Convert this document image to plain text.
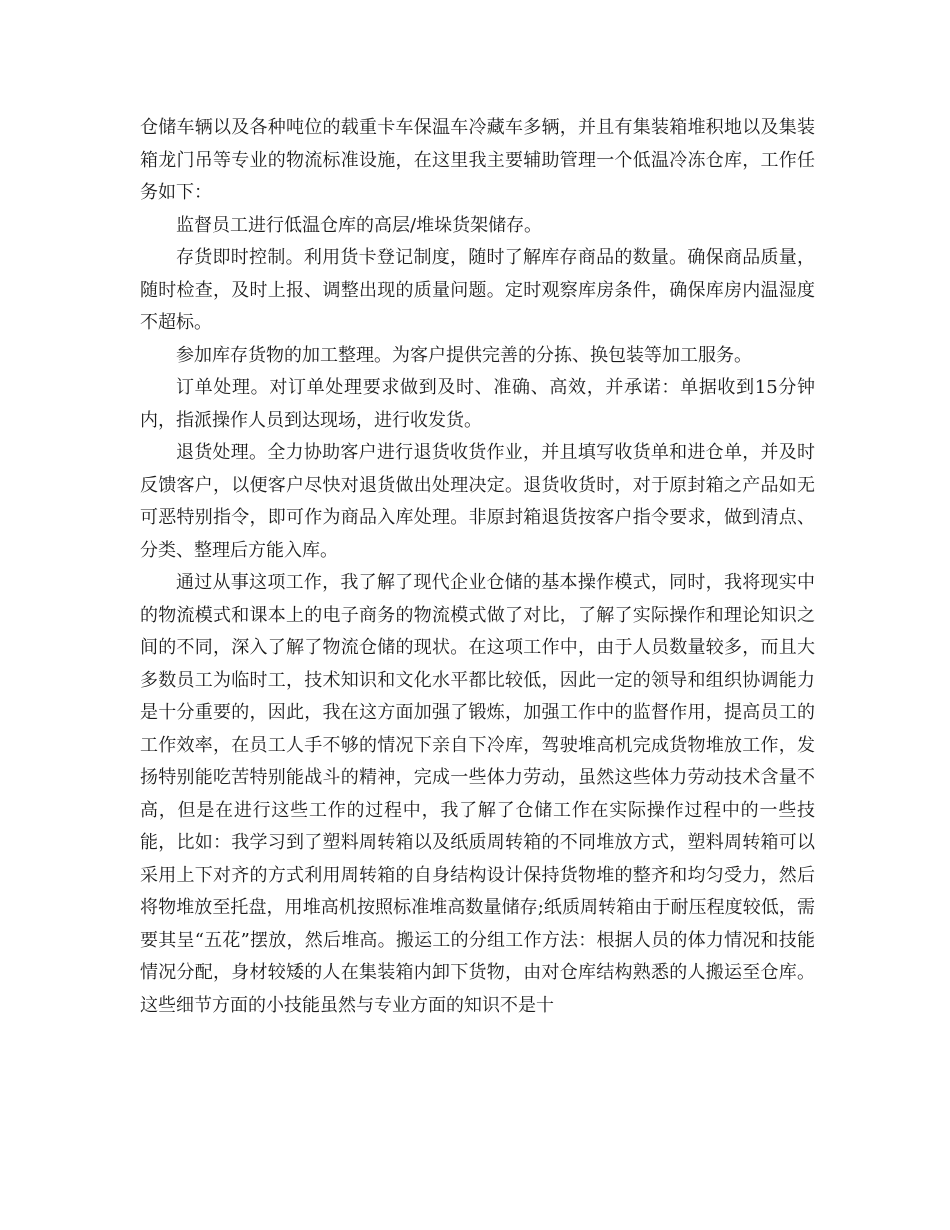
仓储车辆以及各种吨位的载重卡车保温车冷藏车多辆，并且有集装箱堆积地以及集装箱龙门吊等专业的物流标准设施，在这里我主要辅助管理一个低温冷冻仓库，工作任务如下：

监督员工进行低温仓库的高层/堆垛货架储存。

存货即时控制。利用货卡登记制度，随时了解库存商品的数量。确保商品质量，随时检查，及时上报、调整出现的质量问题。定时观察库房条件，确保库房内温湿度不超标。

参加库存货物的加工整理。为客户提供完善的分拣、换包装等加工服务。

订单处理。对订单处理要求做到及时、准确、高效，并承诺：单据收到15分钟内，指派操作人员到达现场，进行收发货。

退货处理。全力协助客户进行退货收货作业，并且填写收货单和进仓单，并及时反馈客户，以便客户尽快对退货做出处理决定。退货收货时，对于原封箱之产品如无可恶特别指令，即可作为商品入库处理。非原封箱退货按客户指令要求，做到清点、分类、整理后方能入库。

通过从事这项工作，我了解了现代企业仓储的基本操作模式，同时，我将现实中的物流模式和课本上的电子商务的物流模式做了对比，了解了实际操作和理论知识之间的不同，深入了解了物流仓储的现状。在这项工作中，由于人员数量较多，而且大多数员工为临时工，技术知识和文化水平都比较低，因此一定的领导和组织协调能力是十分重要的，因此，我在这方面加强了锻炼，加强工作中的监督作用，提高员工的工作效率，在员工人手不够的情况下亲自下冷库，驾驶堆高机完成货物堆放工作，发扬特别能吃苦特别能战斗的精神，完成一些体力劳动，虽然这些体力劳动技术含量不高，但是在进行这些工作的过程中，我了解了仓储工作在实际操作过程中的一些技能，比如：我学习到了塑料周转箱以及纸质周转箱的不同堆放方式，塑料周转箱可以采用上下对齐的方式利用周转箱的自身结构设计保持货物堆的整齐和均匀受力，然后将物堆放至托盘，用堆高机按照标准堆高数量储存;纸质周转箱由于耐压程度较低，需要其呈“五花”摆放，然后堆高。搬运工的分组工作方法：根据人员的体力情况和技能情况分配，身材较矮的人在集装箱内卸下货物，由对仓库结构熟悉的人搬运至仓库。这些细节方面的小技能虽然与专业方面的知识不是十
